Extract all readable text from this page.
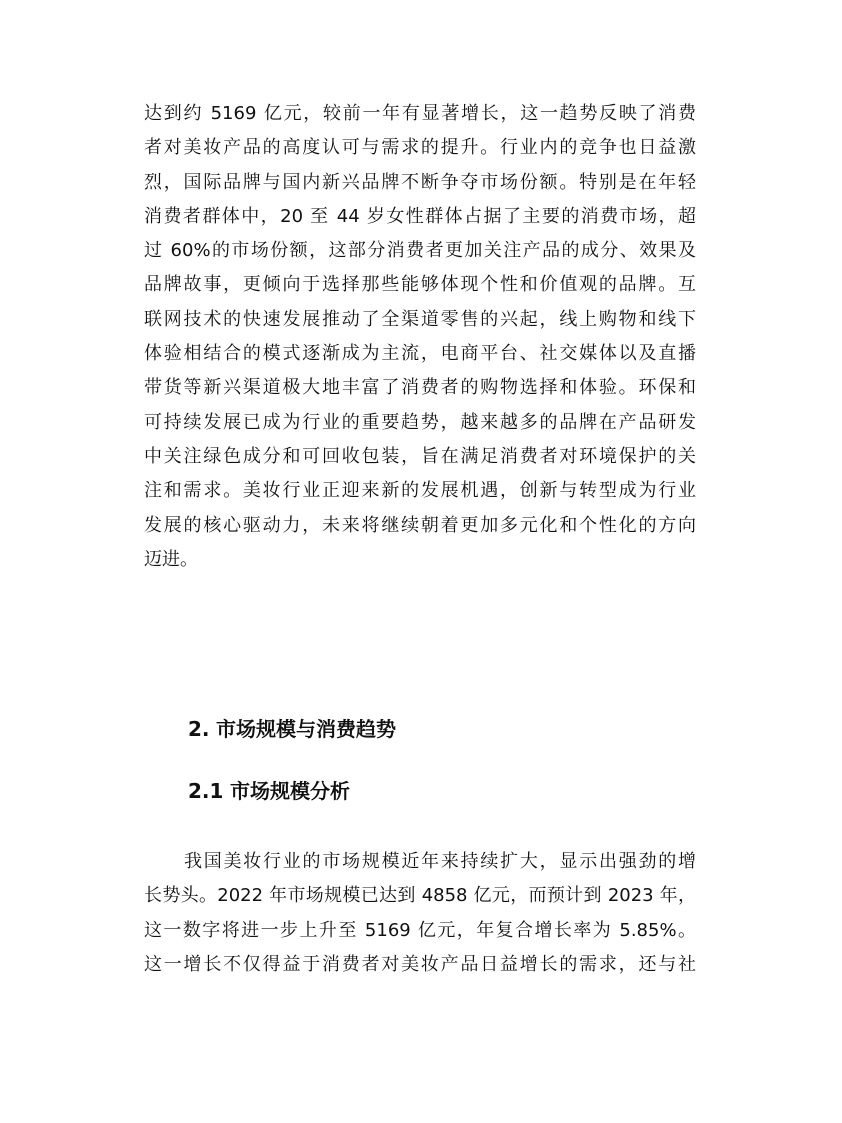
达到约 5169 亿元，较前一年有显著增长，这一趋势反映了消费
者对美妆产品的高度认可与需求的提升。行业内的竞争也日益激
烈，国际品牌与国内新兴品牌不断争夺市场份额。特别是在年轻
消费者群体中，20 至 44 岁女性群体占据了主要的消费市场，超
过 60%的市场份额，这部分消费者更加关注产品的成分、效果及
品牌故事，更倾向于选择那些能够体现个性和价值观的品牌。互
联网技术的快速发展推动了全渠道零售的兴起，线上购物和线下
体验相结合的模式逐渐成为主流，电商平台、社交媒体以及直播
带货等新兴渠道极大地丰富了消费者的购物选择和体验。环保和
可持续发展已成为行业的重要趋势，越来越多的品牌在产品研发
中关注绿色成分和可回收包装，旨在满足消费者对环境保护的关
注和需求。美妆行业正迎来新的发展机遇，创新与转型成为行业
发展的核心驱动力，未来将继续朝着更加多元化和个性化的方向
迈进。

2. 市场规模与消费趋势
2.1 市场规模分析

我国美妆行业的市场规模近年来持续扩大，显示出强劲的增
长势头。2022 年市场规模已达到 4858 亿元，而预计到 2023 年，
这一数字将进一步上升至 5169 亿元，年复合增长率为 5.85%。
这一增长不仅得益于消费者对美妆产品日益增长的需求，还与社
